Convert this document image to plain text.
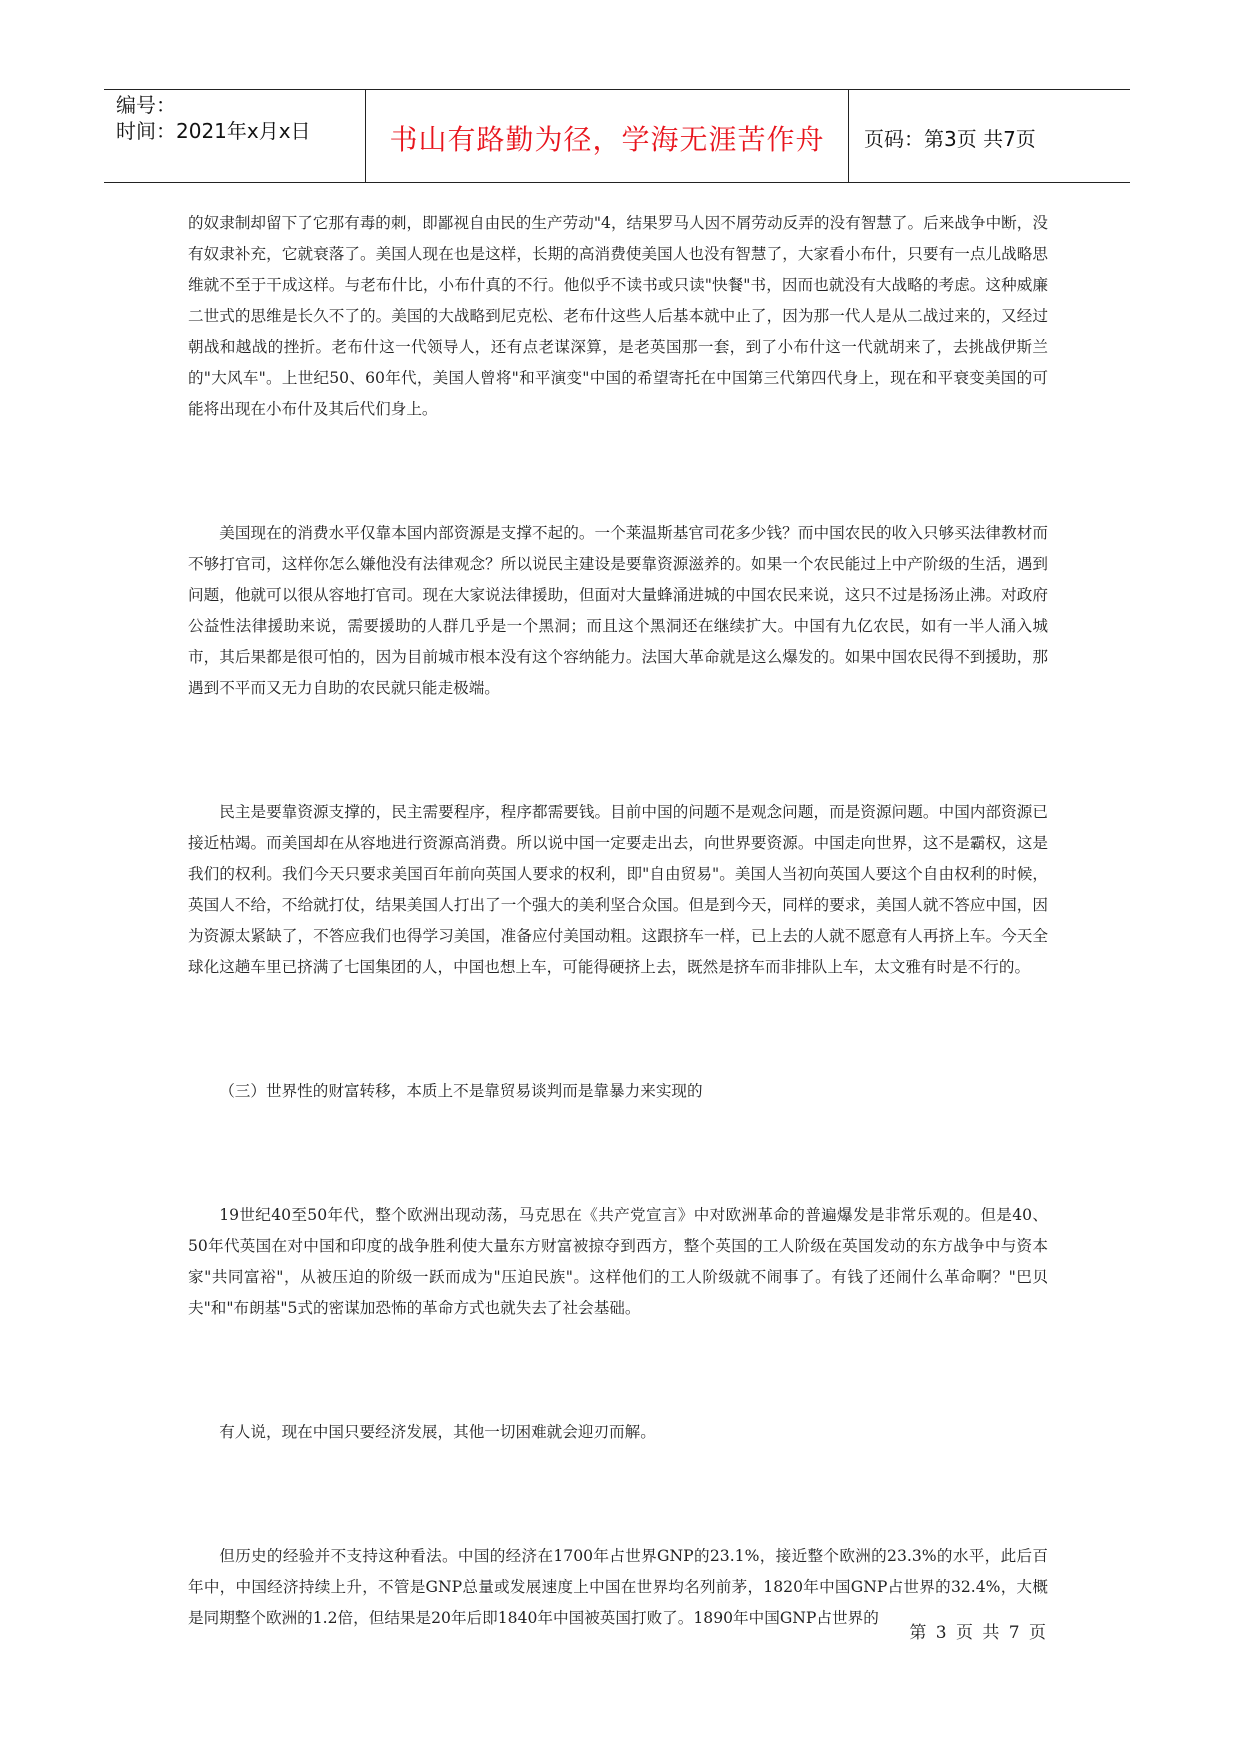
编号：
时间：2021年x月x日	书山有路勤为径，学海无涯苦作舟	页码：第3页 共7页

的奴隶制却留下了它那有毒的刺，即鄙视自由民的生产劳动"4，结果罗马人因不屑劳动反弄的没有智慧了。后来战争中断，没有奴隶补充，它就衰落了。美国人现在也是这样，长期的高消费使美国人也没有智慧了，大家看小布什，只要有一点儿战略思维就不至于干成这样。与老布什比，小布什真的不行。他似乎不读书或只读"快餐"书，因而也就没有大战略的考虑。这种威廉二世式的思维是长久不了的。美国的大战略到尼克松、老布什这些人后基本就中止了，因为那一代人是从二战过来的，又经过朝战和越战的挫折。老布什这一代领导人，还有点老谋深算，是老英国那一套，到了小布什这一代就胡来了，去挑战伊斯兰的"大风车"。上世纪50、60年代，美国人曾将"和平演变"中国的希望寄托在中国第三代第四代身上，现在和平衰变美国的可能将出现在小布什及其后代们身上。

美国现在的消费水平仅靠本国内部资源是支撑不起的。一个莱温斯基官司花多少钱？而中国农民的收入只够买法律教材而不够打官司，这样你怎么嫌他没有法律观念？所以说民主建设是要靠资源滋养的。如果一个农民能过上中产阶级的生活，遇到问题，他就可以很从容地打官司。现在大家说法律援助，但面对大量蜂涌进城的中国农民来说，这只不过是扬汤止沸。对政府公益性法律援助来说，需要援助的人群几乎是一个黑洞；而且这个黑洞还在继续扩大。中国有九亿农民，如有一半人涌入城市，其后果都是很可怕的，因为目前城市根本没有这个容纳能力。法国大革命就是这么爆发的。如果中国农民得不到援助，那遇到不平而又无力自助的农民就只能走极端。

民主是要靠资源支撑的，民主需要程序，程序都需要钱。目前中国的问题不是观念问题，而是资源问题。中国内部资源已接近枯竭。而美国却在从容地进行资源高消费。所以说中国一定要走出去，向世界要资源。中国走向世界，这不是霸权，这是我们的权利。我们今天只要求美国百年前向英国人要求的权利，即"自由贸易"。美国人当初向英国人要这个自由权利的时候，英国人不给，不给就打仗，结果美国人打出了一个强大的美利坚合众国。但是到今天，同样的要求，美国人就不答应中国，因为资源太紧缺了，不答应我们也得学习美国，准备应付美国动粗。这跟挤车一样，已上去的人就不愿意有人再挤上车。今天全球化这趟车里已挤满了七国集团的人，中国也想上车，可能得硬挤上去，既然是挤车而非排队上车，太文雅有时是不行的。

（三）世界性的财富转移，本质上不是靠贸易谈判而是靠暴力来实现的

19世纪40至50年代，整个欧洲出现动荡，马克思在《共产党宣言》中对欧洲革命的普遍爆发是非常乐观的。但是40、50年代英国在对中国和印度的战争胜利使大量东方财富被掠夺到西方，整个英国的工人阶级在英国发动的东方战争中与资本家"共同富裕"，从被压迫的阶级一跃而成为"压迫民族"。这样他们的工人阶级就不闹事了。有钱了还闹什么革命啊？"巴贝夫"和"布朗基"5式的密谋加恐怖的革命方式也就失去了社会基础。

有人说，现在中国只要经济发展，其他一切困难就会迎刃而解。

但历史的经验并不支持这种看法。中国的经济在1700年占世界GNP的23.1%，接近整个欧洲的23.3%的水平，此后百年中，中国经济持续上升，不管是GNP总量或发展速度上中国在世界均名列前茅，1820年中国GNP占世界的32.4%，大概是同期整个欧洲的1.2倍，但结果是20年后即1840年中国被英国打败了。1890年中国GNP占世界的

第 3 页 共 7 页
